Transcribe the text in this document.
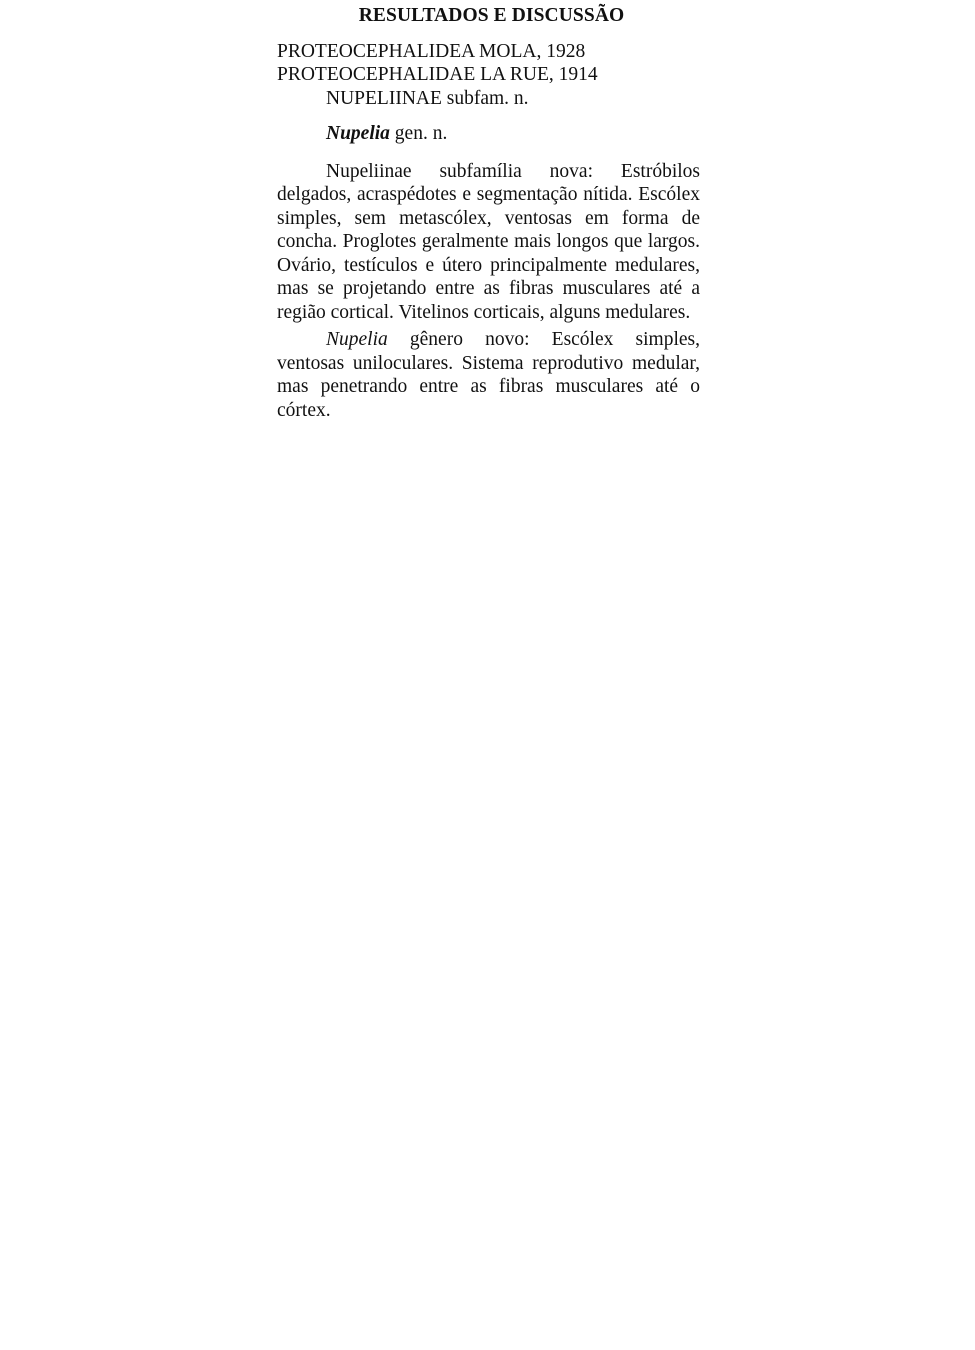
RESULTADOS E DISCUSSÃO
PROTEOCEPHALIDEA MOLA, 1928
PROTEOCEPHALIDAE LA RUE, 1914
NUPELIINAE subfam. n.
Nupelia gen. n.

Nupeliinae subfamília nova: Estróbilos delgados, acraspédotes e segmentação nítida. Escólex simples, sem metascólex, ventosas em forma de concha. Proglotes geralmente mais longos que largos. Ovário, testículos e útero principalmente medulares, mas se projetando entre as fibras musculares até a região cortical. Vitelinos corticais, alguns medulares.

Nupelia gênero novo: Escólex simples, ventosas uniloculares. Sistema reprodutivo medular, mas penetrando entre as fibras musculares até o córtex.
